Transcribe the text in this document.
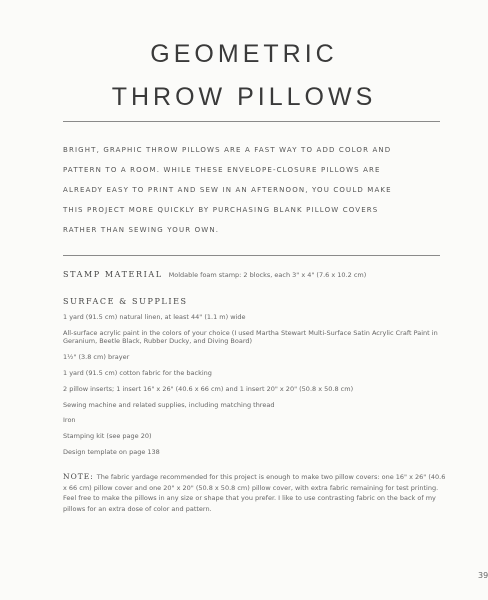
GEOMETRIC
THROW PILLOWS

BRIGHT, GRAPHIC THROW PILLOWS ARE A FAST WAY TO ADD COLOR AND
PATTERN TO A ROOM. WHILE THESE ENVELOPE-CLOSURE PILLOWS ARE
ALREADY EASY TO PRINT AND SEW IN AN AFTERNOON, YOU COULD MAKE
THIS PROJECT MORE QUICKLY BY PURCHASING BLANK PILLOW COVERS
RATHER THAN SEWING YOUR OWN.

STAMP MATERIAL Moldable foam stamp: 2 blocks, each 3" x 4" (7.6 x 10.2 cm)
SURFACE & SUPPLIES
1 yard (91.5 cm) natural linen, at least 44" (1.1 m) wide
All-surface acrylic paint in the colors of your choice (I used Martha Stewart Multi-Surface Satin Acrylic Craft Paint in Geranium, Beetle Black, Rubber Ducky, and Diving Board)
1½" (3.8 cm) brayer
1 yard (91.5 cm) cotton fabric for the backing
2 pillow inserts; 1 insert 16" x 26" (40.6 x 66 cm) and 1 insert 20" x 20" (50.8 x 50.8 cm)
Sewing machine and related supplies, including matching thread
Iron
Stamping kit (see page 20)
Design template on page 138

NOTE: The fabric yardage recommended for this project is enough to make two pillow covers: one 16" x 26" (40.6 x 66 cm) pillow cover and one 20" x 20" (50.8 x 50.8 cm) pillow cover, with extra fabric remaining for test printing. Feel free to make the pillows in any size or shape that you prefer. I like to use contrasting fabric on the back of my pillows for an extra dose of color and pattern.

39
